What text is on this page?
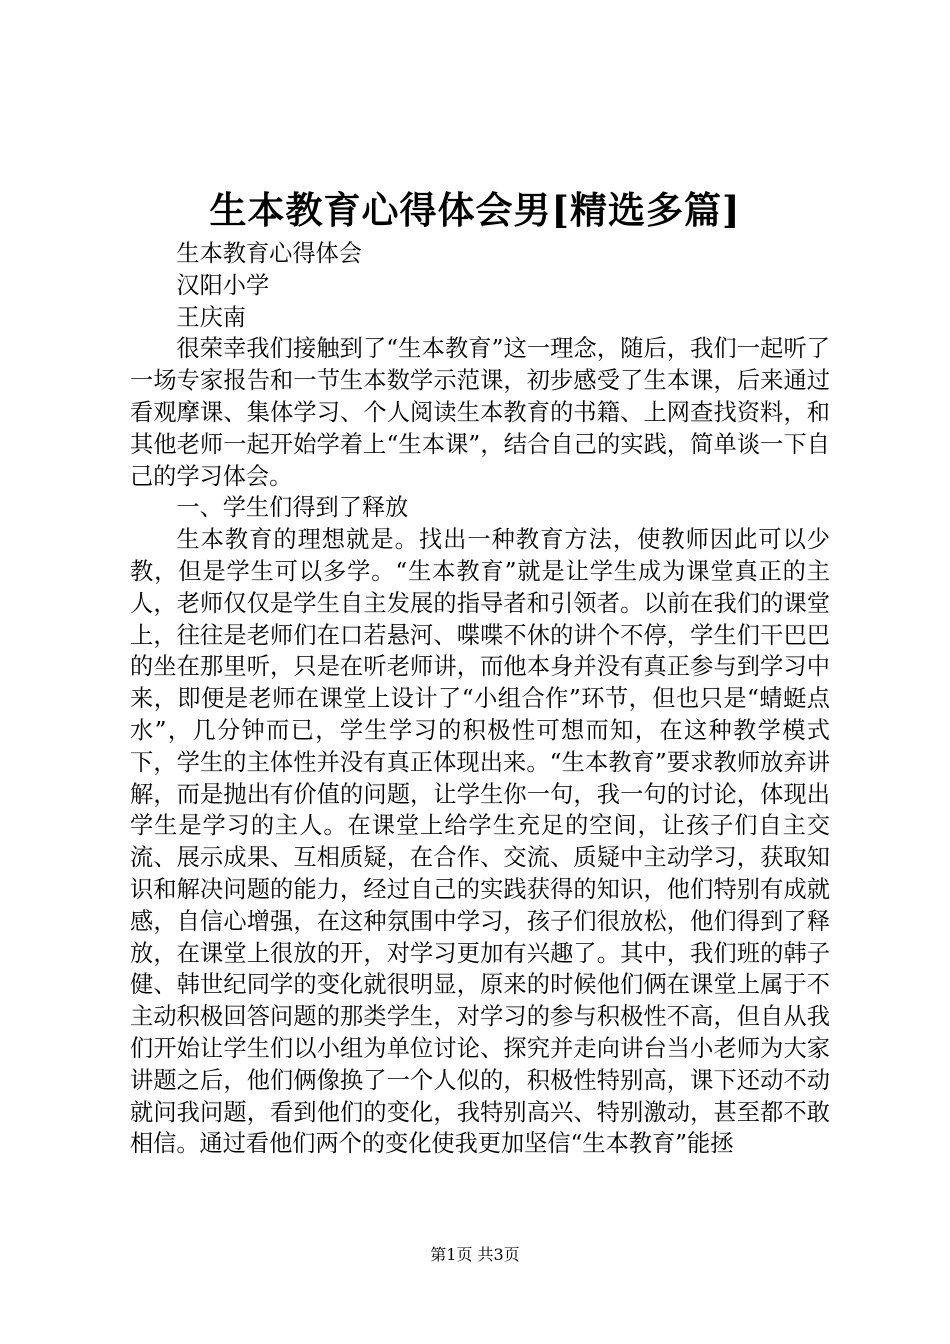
生本教育心得体会男[精选多篇]

生本教育心得体会

汉阳小学

王庆南

很荣幸我们接触到了“生本教育”这一理念，随后，我们一起听了一场专家报告和一节生本数学示范课，初步感受了生本课，后来通过看观摩课、集体学习、个人阅读生本教育的书籍、上网查找资料，和其他老师一起开始学着上“生本课”，结合自己的实践，简单谈一下自己的学习体会。

一、学生们得到了释放

生本教育的理想就是。找出一种教育方法，使教师因此可以少教，但是学生可以多学。“生本教育”就是让学生成为课堂真正的主人，老师仅仅是学生自主发展的指导者和引领者。以前在我们的课堂上，往往是老师们在口若悬河、喋喋不休的讲个不停，学生们干巴巴的坐在那里听，只是在听老师讲，而他本身并没有真正参与到学习中来，即便是老师在课堂上设计了“小组合作”环节，但也只是“蜻蜓点水”，几分钟而已，学生学习的积极性可想而知，在这种教学模式下，学生的主体性并没有真正体现出来。“生本教育”要求教师放弃讲解，而是抛出有价值的问题，让学生你一句，我一句的讨论，体现出学生是学习的主人。在课堂上给学生充足的空间，让孩子们自主交流、展示成果、互相质疑，在合作、交流、质疑中主动学习，获取知识和解决问题的能力，经过自己的实践获得的知识，他们特别有成就感，自信心增强，在这种氛围中学习，孩子们很放松，他们得到了释放，在课堂上很放的开，对学习更加有兴趣了。其中，我们班的韩子健、韩世纪同学的变化就很明显，原来的时候他们俩在课堂上属于不主动积极回答问题的那类学生，对学习的参与积极性不高，但自从我们开始让学生们以小组为单位讨论、探究并走向讲台当小老师为大家讲题之后，他们俩像换了一个人似的，积极性特别高，课下还动不动就问我问题，看到他们的变化，我特别高兴、特别激动，甚至都不敢相信。通过看他们两个的变化使我更加坚信“生本教育”能拯

第1页 共3页
